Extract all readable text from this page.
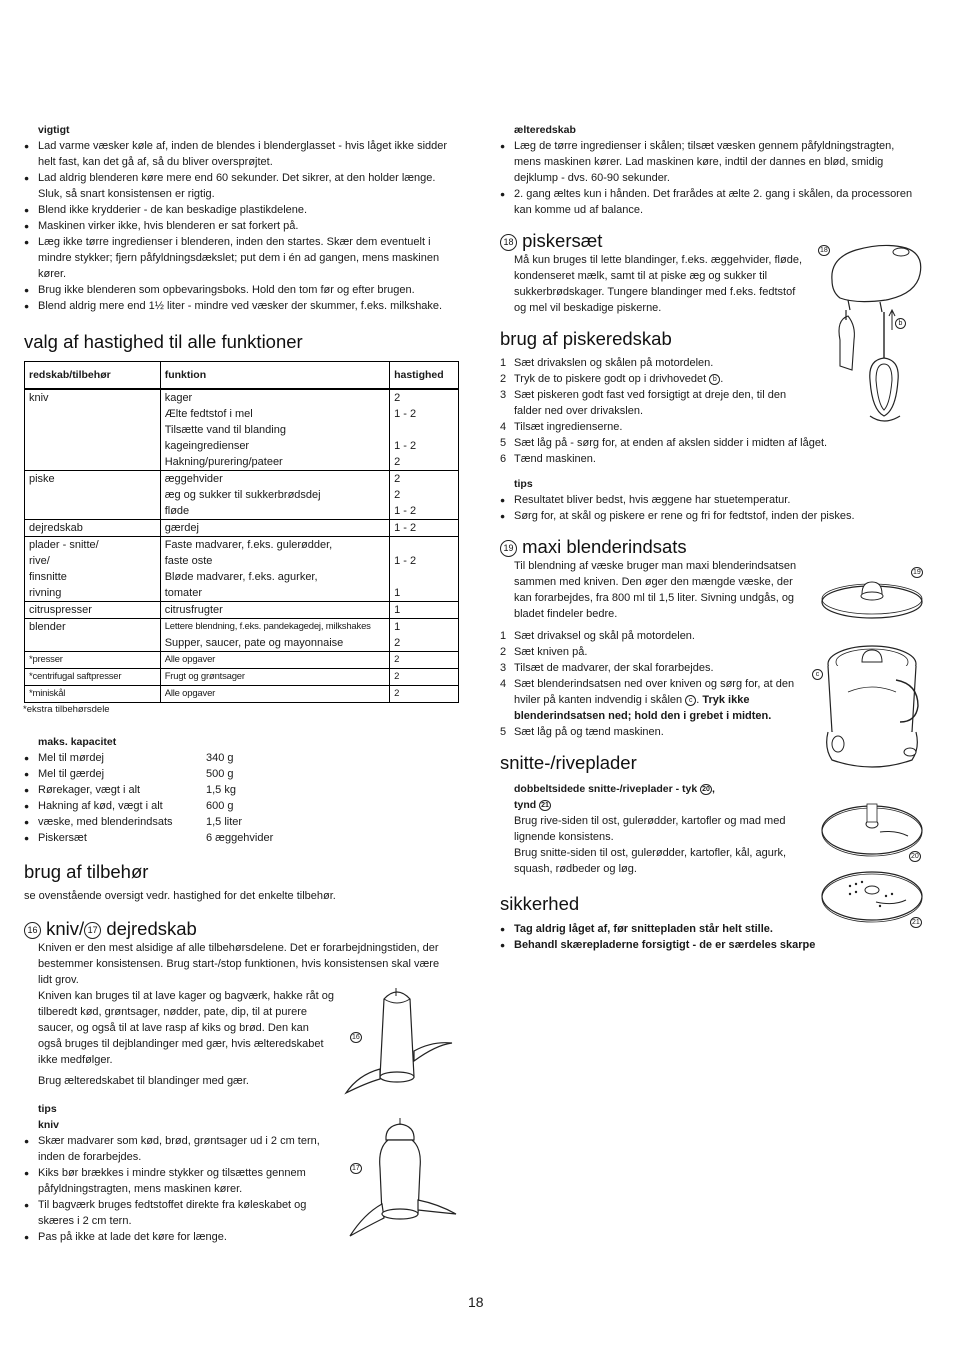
vigtigt
● Lad varme væsker køle af, inden de blendes i blenderglasset - hvis låget ikke sidder helt fast, kan det gå af, så du bliver oversprøjtet.
● Lad aldrig blenderen køre mere end 60 sekunder. Det sikrer, at den holder længe. Sluk, så snart konsistensen er rigtig.
● Blend ikke krydderier - de kan beskadige plastikdelene.
● Maskinen virker ikke, hvis blenderen er sat forkert på.
● Læg ikke tørre ingredienser i blenderen, inden den startes. Skær dem eventuelt i mindre stykker; fjern påfyldningsdækslet; put dem i én ad gangen, mens maskinen kører.
● Brug ikke blenderen som opbevaringsboks. Hold den tom før og efter brugen.
● Blend aldrig mere end 1½ liter - mindre ved væsker der skummer, f.eks. milkshake.
valg af hastighed til alle funktioner
redskab/tilbehør	funktion	hastighed
kniv	kager	2
	Ælte fedtstof i mel	1 - 2
	Tilsætte vand til blanding	
	kageingredienser	1 - 2
	Hakning/purering/pateer	2
piske	æggehvider	2
	æg og sukker til sukkerbrødsdej	2
	fløde	1 - 2
dejredskab	gærdej	1 - 2
plader - snitte/	Faste madvarer, f.eks. gulerødder,	
rive/	faste oste	1 - 2
finsnitte	Bløde madvarer, f.eks. agurker,	
rivning	tomater	1
citruspresser	citrusfrugter	1
blender	Lettere blendning, f.eks. pandekagedej, milkshakes	1
	Supper, saucer, pate og mayonnaise	2
*presser	Alle opgaver	2
*centrifugal saftpresser	Frugt og grøntsager	2
*miniskål	Alle opgaver	2
*ekstra tilbehørsdele
maks. kapacitet
● Mel til mørdej	340 g
● Mel til gærdej	500 g
● Rørekager, vægt i alt	1,5 kg
● Hakning af kød, vægt i alt	600 g
● væske, med blenderindsats	1,5 liter
● Piskersæt	6 æggehvider
brug af tilbehør
se ovenstående oversigt vedr. hastighed for det enkelte tilbehør.
16 kniv/ 17 dejredskab
Kniven er den mest alsidige af alle tilbehørsdelene. Det er forarbejdningstiden, der bestemmer konsistensen. Brug start-/stop funktionen, hvis konsistensen skal være lidt grov.
Kniven kan bruges til at lave kager og bagværk, hakke råt og tilberedt kød, grøntsager, nødder, pate, dip, til at purere saucer, og også til at lave rasp af kiks og brød. Den kan også bruges til dejblandinger med gær, hvis ælteredskabet ikke medfølger.
Brug ælteredskabet til blandinger med gær.
tips
kniv
● Skær madvarer som kød, brød, grøntsager ud i 2 cm tern, inden de forarbejdes.
● Kiks bør brækkes i mindre stykker og tilsættes gennem påfyldningstragten, mens maskinen kører.
● Til bagværk bruges fedtstoffet direkte fra køleskabet og skæres i 2 cm tern.
● Pas på ikke at lade det køre for længe.
16
17
ælteredskab
● Læg de tørre ingredienser i skålen; tilsæt væsken gennem påfyldningstragten, mens maskinen kører. Lad maskinen køre, indtil der dannes en blød, smidig dejklump - dvs. 60-90 sekunder.
● 2. gang æltes kun i hånden. Det frarådes at ælte 2. gang i skålen, da processoren kan komme ud af balance.
18 piskersæt
Må kun bruges til lette blandinger, f.eks. æggehvider, fløde, kondenseret mælk, samt til at piske æg og sukker til sukkerbrødskager. Tungere blandinger med f.eks. fedtstof og mel vil beskadige piskerne.
brug af piskeredskab
1 Sæt drivakslen og skålen på motordelen.
2 Tryk de to piskere godt op i drivhovedet b .
3 Sæt piskeren godt fast ved forsigtigt at dreje den, til den falder ned over drivakslen.
4 Tilsæt ingredienserne.
5 Sæt låg på - sørg for, at enden af akslen sidder i midten af låget.
6 Tænd maskinen.
tips
● Resultatet bliver bedst, hvis æggene har stuetemperatur.
● Sørg for, at skål og piskere er rene og fri for fedtstof, inden der piskes.
19 maxi blenderindsats
Til blendning af væske bruger man maxi blenderindsatsen sammen med kniven. Den øger den mængde væske, der kan forarbejdes, fra 800 ml til 1,5 liter. Sivning undgås, og bladet findeler bedre.
1 Sæt drivaksel og skål på motordelen.
2 Sæt kniven på.
3 Tilsæt de madvarer, der skal forarbejdes.
4 Sæt blenderindsatsen ned over kniven og sørg for, at den hviler på kanten indvendig i skålen c . Tryk ikke blenderindsatsen ned; hold den i grebet i midten.
5 Sæt låg på og tænd maskinen.
snitte-/riveplader
dobbeltsidede snitte-/riveplader - tyk 20 ,
tynd 21
Brug rive-siden til ost, gulerødder, kartofler og mad med lignende konsistens.
Brug snitte-siden til ost, gulerødder, kartofler, kål, agurk, squash, rødbeder og løg.
sikkerhed
● Tag aldrig låget af, før snittepladen står helt stille.
● Behandl skærepladerne forsigtigt - de er særdeles skarpe
18
b
19
c
20
21
18
